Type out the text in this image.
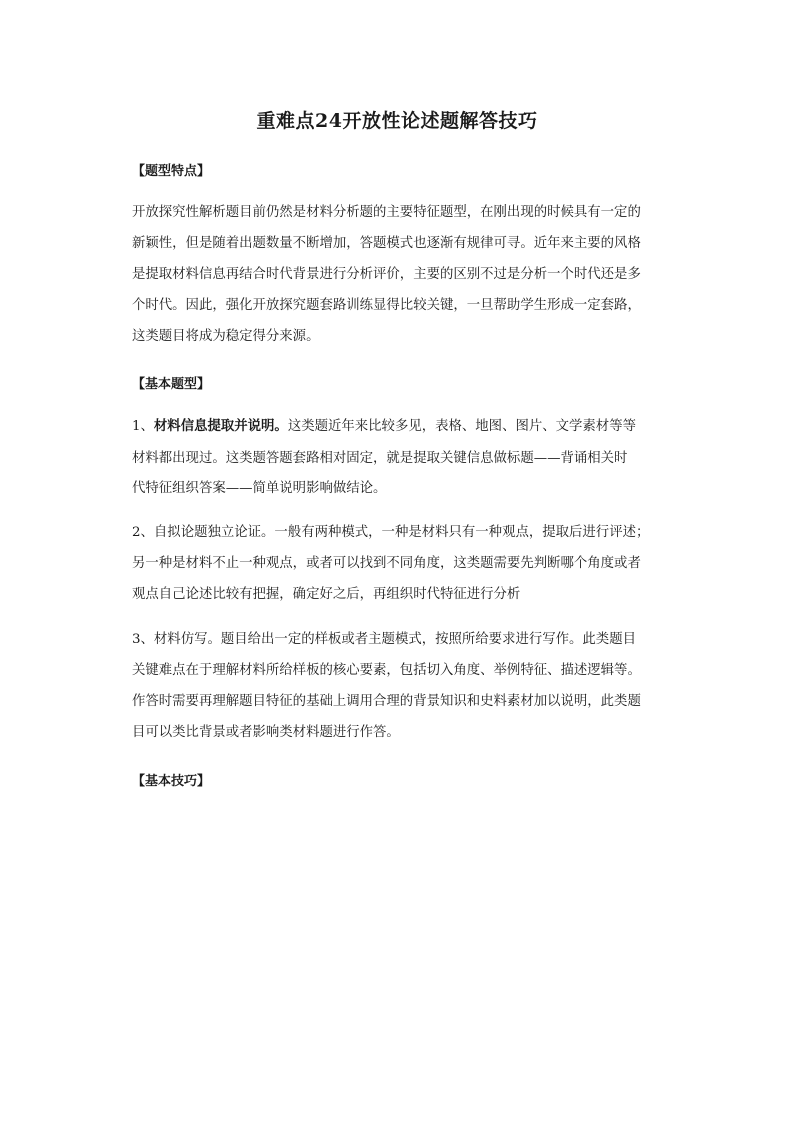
重难点24开放性论述题解答技巧
【题型特点】
开放探究性解析题目前仍然是材料分析题的主要特征题型，在刚出现的时候具有一定的
新颖性，但是随着出题数量不断增加，答题模式也逐渐有规律可寻。近年来主要的风格
是提取材料信息再结合时代背景进行分析评价，主要的区别不过是分析一个时代还是多
个时代。因此，强化开放探究题套路训练显得比较关键，一旦帮助学生形成一定套路，
这类题目将成为稳定得分来源。
【基本题型】
1、材料信息提取并说明。这类题近年来比较多见，表格、地图、图片、文学素材等等
材料都出现过。这类题答题套路相对固定，就是提取关键信息做标题——背诵相关时
代特征组织答案——简单说明影响做结论。
2、自拟论题独立论证。一般有两种模式，一种是材料只有一种观点，提取后进行评述；
另一种是材料不止一种观点，或者可以找到不同角度，这类题需要先判断哪个角度或者
观点自己论述比较有把握，确定好之后，再组织时代特征进行分析
3、材料仿写。题目给出一定的样板或者主题模式，按照所给要求进行写作。此类题目
关键难点在于理解材料所给样板的核心要素，包括切入角度、举例特征、描述逻辑等。
作答时需要再理解题目特征的基础上调用合理的背景知识和史料素材加以说明，此类题
目可以类比背景或者影响类材料题进行作答。
【基本技巧】
